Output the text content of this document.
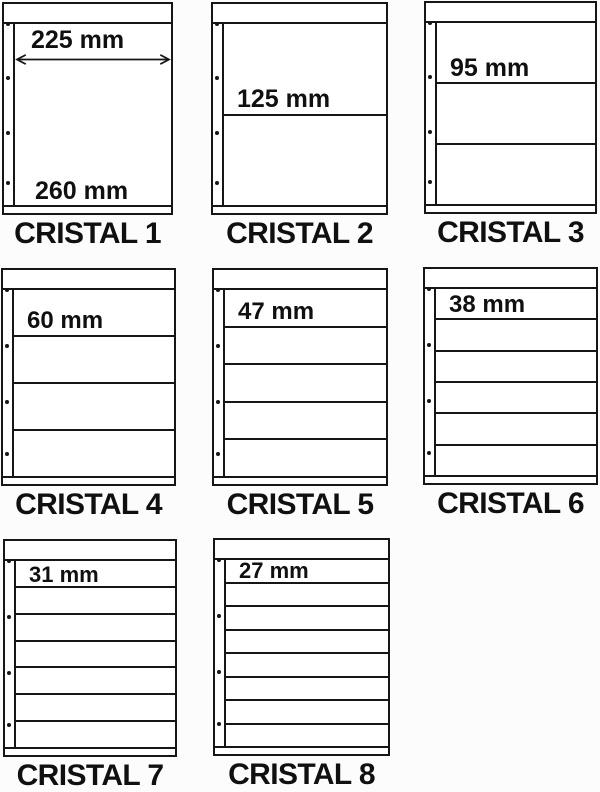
225 mm
260 mm
CRISTAL 1
125 mm
CRISTAL 2
95 mm
CRISTAL 3
60 mm
CRISTAL 4
47 mm
CRISTAL 5
38 mm
CRISTAL 6
31 mm
CRISTAL 7
27 mm
CRISTAL 8
